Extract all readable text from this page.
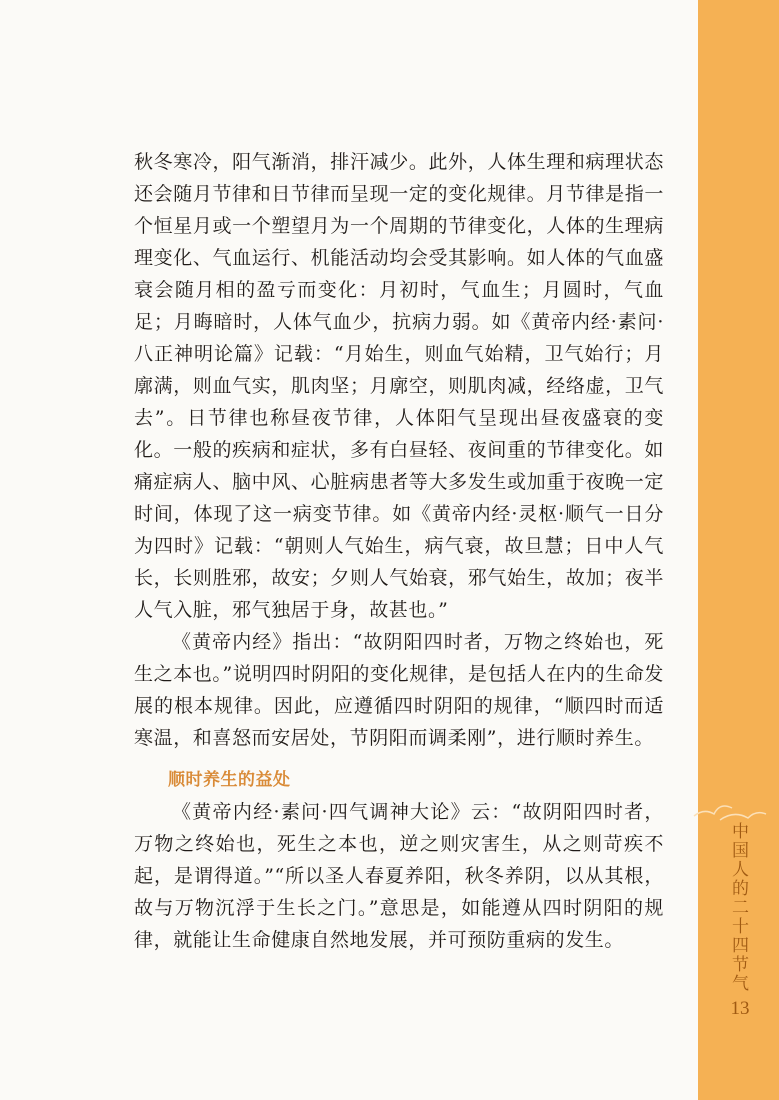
秋冬寒冷，阳气渐消，排汗减少。此外，人体生理和病理状态还会随月节律和日节律而呈现一定的变化规律。月节律是指一个恒星月或一个塑望月为一个周期的节律变化，人体的生理病理变化、气血运行、机能活动均会受其影响。如人体的气血盛衰会随月相的盈亏而变化：月初时，气血生；月圆时，气血足；月晦暗时，人体气血少，抗病力弱。如《黄帝内经·素问·八正神明论篇》记载：“月始生，则血气始精，卫气始行；月廓满，则血气实，肌肉坚；月廓空，则肌肉减，经络虚，卫气去”。日节律也称昼夜节律，人体阳气呈现出昼夜盛衰的变化。一般的疾病和症状，多有白昼轻、夜间重的节律变化。如痛症病人、脑中风、心脏病患者等大多发生或加重于夜晚一定时间，体现了这一病变节律。如《黄帝内经·灵枢·顺气一日分为四时》记载：“朝则人气始生，病气衰，故旦慧；日中人气长，长则胜邪，故安；夕则人气始衰，邪气始生，故加；夜半人气入脏，邪气独居于身，故甚也。”

《黄帝内经》指出：“故阴阳四时者，万物之终始也，死生之本也。”说明四时阴阳的变化规律，是包括人在内的生命发展的根本规律。因此，应遵循四时阴阳的规律，“顺四时而适寒温，和喜怒而安居处，节阴阳而调柔刚”，进行顺时养生。

顺时养生的益处

《黄帝内经·素问·四气调神大论》云：“故阴阳四时者，万物之终始也，死生之本也，逆之则灾害生，从之则苛疾不起，是谓得道。”“所以圣人春夏养阳，秋冬养阴，以从其根，故与万物沉浮于生长之门。”意思是，如能遵从四时阴阳的规律，就能让生命健康自然地发展，并可预防重病的发生。	中国人的二十四节气
13
